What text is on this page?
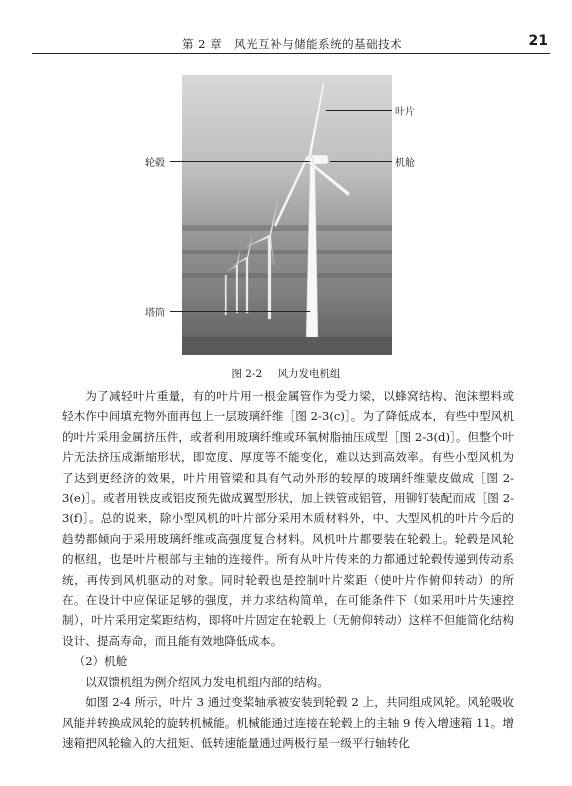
第 2 章　风光互补与储能系统的基础技术	21
叶片
轮毂	机舱
塔筒
图 2-2 风力发电机组

为了减轻叶片重量，有的叶片用一根金属管作为受力梁，以蜂窝结构、泡沫塑料或轻木作中间填充物外面再包上一层玻璃纤维［图 2-3(c)］。为了降低成本，有些中型风机的叶片采用金属挤压件，或者利用玻璃纤维或环氧树脂抽压成型［图 2-3(d)］。但整个叶片无法挤压成渐缩形状，即宽度、厚度等不能变化，难以达到高效率。有些小型风机为了达到更经济的效果，叶片用管梁和具有气动外形的较厚的玻璃纤维蒙皮做成［图 2-3(e)］。或者用铁皮或铝皮预先做成翼型形状，加上铁管或铝管，用铆钉装配而成［图 2-3(f)］。总的说来，除小型风机的叶片部分采用木质材料外，中、大型风机的叶片今后的趋势都倾向于采用玻璃纤维或高强度复合材料。风机叶片都要装在轮毂上。轮毂是风轮的枢纽，也是叶片根部与主轴的连接件。所有从叶片传来的力都通过轮毂传递到传动系统，再传到风机驱动的对象。同时轮毂也是控制叶片桨距（使叶片作俯仰转动）的所在。在设计中应保证足够的强度，并力求结构简单，在可能条件下（如采用叶片失速控制），叶片采用定桨距结构，即将叶片固定在轮毂上（无俯仰转动）这样不但能简化结构设计、提高寿命，而且能有效地降低成本。

（2）机舱

以双馈机组为例介绍风力发电机组内部的结构。

如图 2-4 所示，叶片 3 通过变桨轴承被安装到轮毂 2 上，共同组成风轮。风轮吸收风能并转换成风轮的旋转机械能。机械能通过连接在轮毂上的主轴 9 传入增速箱 11。增速箱把风轮输入的大扭矩、低转速能量通过两极行星一级平行轴转化
